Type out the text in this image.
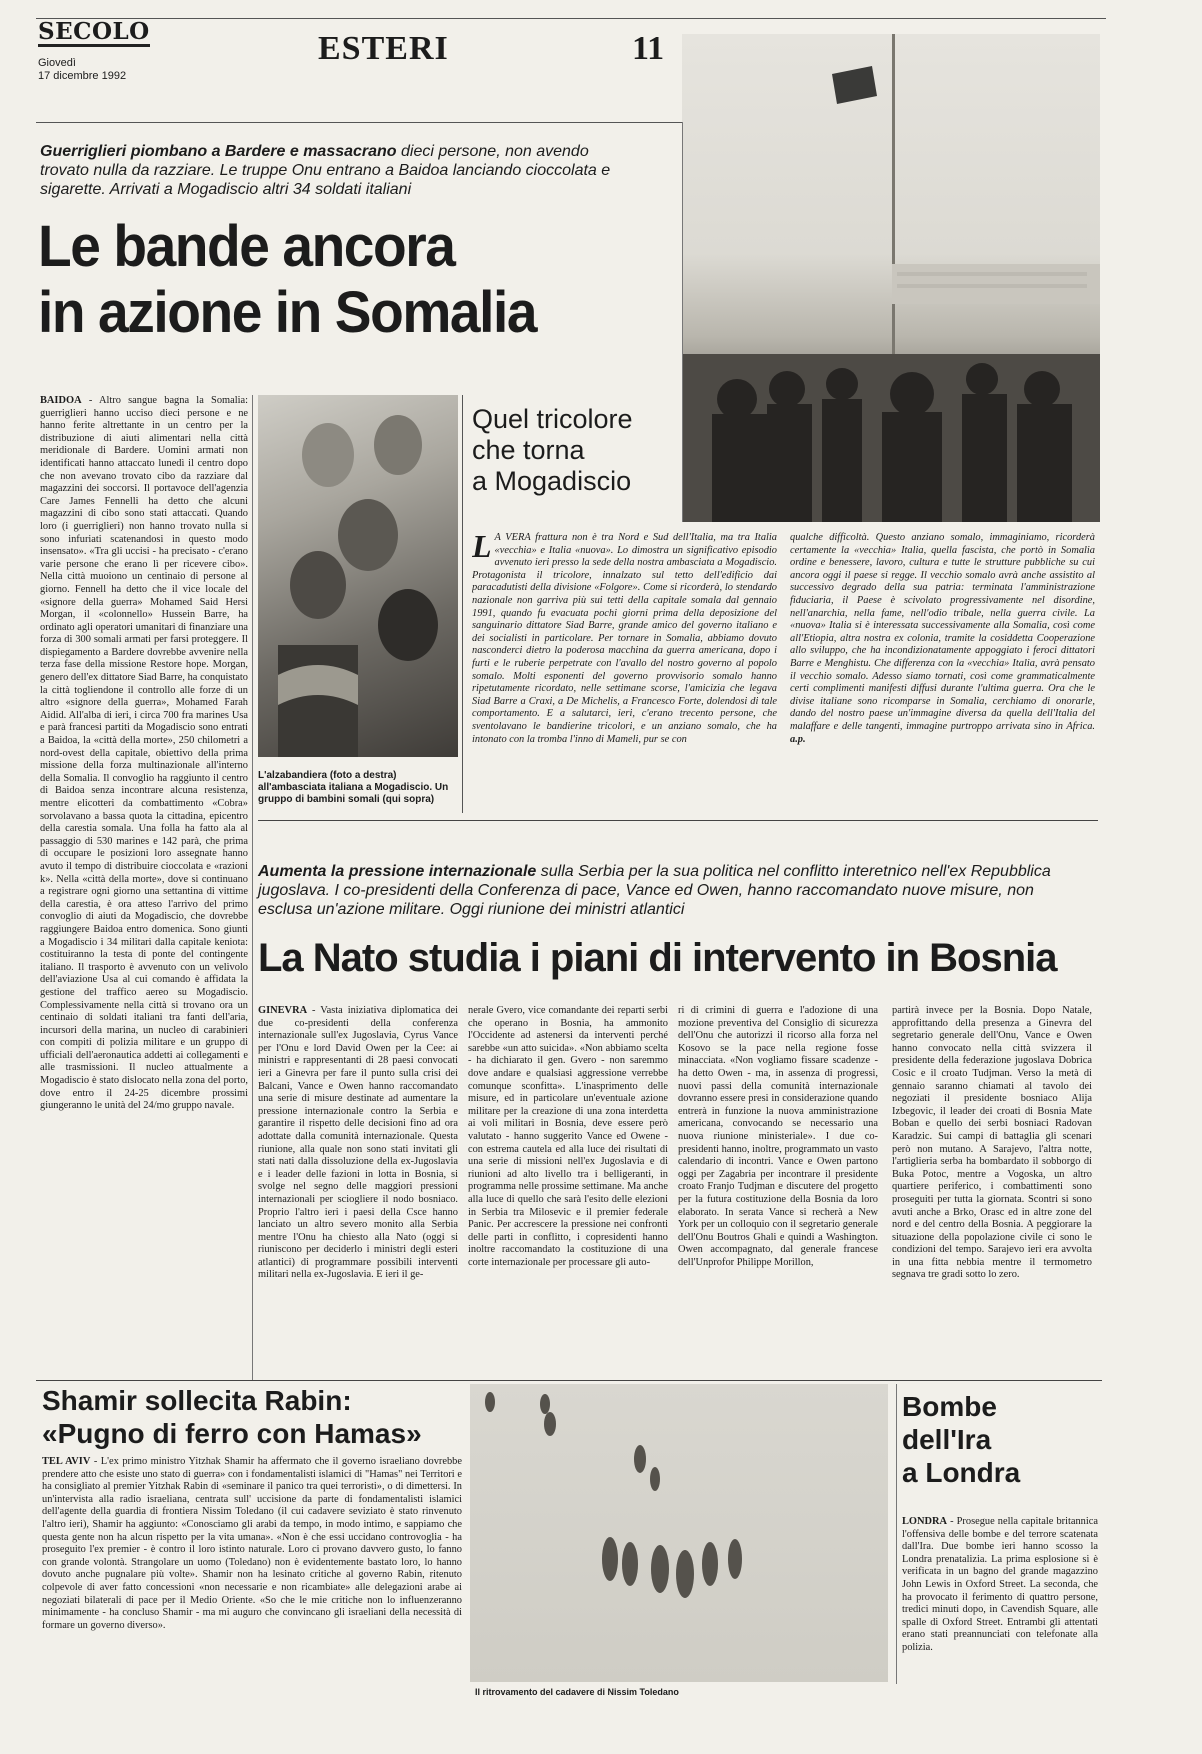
SECOLO
Giovedì
17 dicembre 1992
ESTERI	11
Guerriglieri piombano a Bardere e massacrano dieci persone, non avendo trovato nulla da razziare. Le truppe Onu entrano a Baidoa lanciando cioccolata e sigarette. Arrivati a Mogadiscio altri 34 soldati italiani
Le bande ancora
in azione in Somalia
BAIDOA - Altro sangue bagna la Somalia: guerriglieri hanno ucciso dieci persone e ne hanno ferite altrettante in un centro per la distribuzione di aiuti alimentari nella città meridionale di Bardere. Uomini armati non identificati hanno attaccato lunedì il centro dopo che non avevano trovato cibo da razziare dal magazzini dei soccorsi. Il portavoce dell'agenzia Care James Fennelli ha detto che alcuni magazzini di cibo sono stati attaccati. Quando loro (i guerriglieri) non hanno trovato nulla si sono infuriati scatenandosi in questo modo insensato». «Tra gli uccisi - ha precisato - c'erano varie persone che erano lì per ricevere cibo». Nella città muoiono un centinaio di persone al giorno. Fennell ha detto che il vice locale del «signore della guerra» Mohamed Said Hersi Morgan, il «colonnello» Hussein Barre, ha ordinato agli operatori umanitari di finanziare una forza di 300 somali armati per farsi proteggere. Il dispiegamento a Bardere dovrebbe avvenire nella terza fase della missione Restore hope. Morgan, genero dell'ex dittatore Siad Barre, ha conquistato la città togliendone il controllo alle forze di un altro «signore della guerra», Mohamed Farah Aidid. All'alba di ieri, i circa 700 fra marines Usa e parà francesi partiti da Mogadiscio sono entrati a Baidoa, la «città della morte», 250 chilometri a nord-ovest della capitale, obiettivo della prima missione della forza multinazionale all'interno della Somalia. Il convoglio ha raggiunto il centro di Baidoa senza incontrare alcuna resistenza, mentre elicotteri da combattimento «Cobra» sorvolavano a bassa quota la cittadina, epicentro della carestia somala. Una folla ha fatto ala al passaggio di 530 marines e 142 parà, che prima di occupare le posizioni loro assegnate hanno avuto il tempo di distribuire cioccolata e «razioni k». Nella «città della morte», dove si continuano a registrare ogni giorno una settantina di vittime della carestia, è ora atteso l'arrivo del primo convoglio di aiuti da Mogadiscio, che dovrebbe raggiungere Baidoa entro domenica. Sono giunti a Mogadiscio i 34 militari dalla capitale keniota: costituiranno la testa di ponte del contingente italiano. Il trasporto è avvenuto con un velivolo dell'aviazione Usa al cui comando è affidata la gestione del traffico aereo su Mogadiscio. Complessivamente nella città si trovano ora un centinaio di soldati italiani tra fanti dell'aria, incursori della marina, un nucleo di carabinieri con compiti di polizia militare e un gruppo di ufficiali dell'aeronautica addetti ai collegamenti e alle trasmissioni. Il nucleo attualmente a Mogadiscio è stato dislocato nella zona del porto, dove entro il 24-25 dicembre prossimi giungeranno le unità del 24/mo gruppo navale.
L'alzabandiera (foto a destra) all'ambasciata italiana a Mogadiscio. Un gruppo di bambini somali (qui sopra)
Quel tricolore
che torna
a Mogadiscio
L A VERA frattura non è tra Nord e Sud dell'Italia, ma tra Italia «vecchia» e Italia «nuova». Lo dimostra un significativo episodio avvenuto ieri presso la sede della nostra ambasciata a Mogadiscio. Protagonista il tricolore, innalzato sul tetto dell'edificio dai paracadutisti della divisione «Folgore». Come si ricorderà, lo stendardo nazionale non garriva più sui tetti della capitale somala dal gennaio 1991, quando fu evacuata pochi giorni prima della deposizione del sanguinario dittatore Siad Barre, grande amico del governo italiano e dei socialisti in particolare. Per tornare in Somalia, abbiamo dovuto nasconderci dietro la poderosa macchina da guerra americana, dopo i furti e le ruberie perpetrate con l'avallo del nostro governo al popolo somalo. Molti esponenti del governo provvisorio somalo hanno ripetutamente ricordato, nelle settimane scorse, l'amicizia che legava Siad Barre a Craxi, a De Michelis, a Francesco Forte, dolendosi di tale comportamento. E a salutarci, ieri, c'erano trecento persone, che sventolavano le bandierine tricolori, e un anziano somalo, che ha intonato con la tromba l'inno di Mameli, pur se con
qualche difficoltà. Questo anziano somalo, immaginiamo, ricorderà certamente la «vecchia» Italia, quella fascista, che portò in Somalia ordine e benessere, lavoro, cultura e tutte le strutture pubbliche su cui ancora oggi il paese si regge. Il vecchio somalo avrà anche assistito al successivo degrado della sua patria: terminata l'amministrazione fiduciaria, il Paese è scivolato progressivamente nel disordine, nell'anarchia, nella fame, nell'odio tribale, nella guerra civile. La «nuova» Italia si è interessata successivamente alla Somalia, così come all'Etiopia, altra nostra ex colonia, tramite la cosiddetta Cooperazione allo sviluppo, che ha incondizionatamente appoggiato i feroci dittatori Barre e Menghistu. Che differenza con la «vecchia» Italia, avrà pensato il vecchio somalo. Adesso siamo tornati, così come grammaticalmente certi complimenti manifesti diffusi durante l'ultima guerra. Ora che le divise italiane sono ricomparse in Somalia, cerchiamo di onorarle, dando del nostro paese un'immagine diversa da quella dell'Italia del malaffare e delle tangenti, immagine purtroppo arrivata sino in Africa. a.p.
Aumenta la pressione internazionale sulla Serbia per la sua politica nel conflitto interetnico nell'ex Repubblica jugoslava. I co-presidenti della Conferenza di pace, Vance ed Owen, hanno raccomandato nuove misure, non esclusa un'azione militare. Oggi riunione dei ministri atlantici
La Nato studia i piani di intervento in Bosnia
GINEVRA - Vasta iniziativa diplomatica dei due co-presidenti della conferenza internazionale sull'ex Jugoslavia, Cyrus Vance per l'Onu e lord David Owen per la Cee: ai ministri e rappresentanti di 28 paesi convocati ieri a Ginevra per fare il punto sulla crisi dei Balcani, Vance e Owen hanno raccomandato una serie di misure destinate ad aumentare la pressione internazionale contro la Serbia e garantire il rispetto delle decisioni fino ad ora adottate dalla comunità internazionale. Questa riunione, alla quale non sono stati invitati gli stati nati dalla dissoluzione della ex-Jugoslavia e i leader delle fazioni in lotta in Bosnia, si svolge nel segno delle maggiori pressioni internazionali per sciogliere il nodo bosniaco. Proprio l'altro ieri i paesi della Csce hanno lanciato un altro severo monito alla Serbia mentre l'Onu ha chiesto alla Nato (oggi si riuniscono per deciderlo i ministri degli esteri atlantici) di programmare possibili interventi militari nella ex-Jugoslavia. E ieri il ge-
nerale Gvero, vice comandante dei reparti serbi che operano in Bosnia, ha ammonito l'Occidente ad astenersi da interventi perché sarebbe «un atto suicida». «Non abbiamo scelta - ha dichiarato il gen. Gvero - non saremmo dove andare e qualsiasi aggressione verrebbe comunque sconfitta». L'inasprimento delle misure, ed in particolare un'eventuale azione militare per la creazione di una zona interdetta ai voli militari in Bosnia, deve essere però valutato - hanno suggerito Vance ed Owene - con estrema cautela ed alla luce dei risultati di una serie di missioni nell'ex Jugoslavia e di riunioni ad alto livello tra i belligeranti, in programma nelle prossime settimane. Ma anche alla luce di quello che sarà l'esito delle elezioni in Serbia tra Milosevic e il premier federale Panic. Per accrescere la pressione nei confronti delle parti in conflitto, i copresidenti hanno inoltre raccomandato la costituzione di una corte internazionale per processare gli auto-
ri di crimini di guerra e l'adozione di una mozione preventiva del Consiglio di sicurezza dell'Onu che autorizzi il ricorso alla forza nel Kosovo se la pace nella regione fosse minacciata. «Non vogliamo fissare scadenze - ha detto Owen - ma, in assenza di progressi, nuovi passi della comunità internazionale dovranno essere presi in considerazione quando entrerà in funzione la nuova amministrazione americana, convocando se necessario una nuova riunione ministeriale». I due co-presidenti hanno, inoltre, programmato un vasto calendario di incontri. Vance e Owen partono oggi per Zagabria per incontrare il presidente croato Franjo Tudjman e discutere del progetto per la futura costituzione della Bosnia da loro elaborato. In serata Vance si recherà a New York per un colloquio con il segretario generale dell'Onu Boutros Ghali e quindi a Washington. Owen accompagnato, dal generale francese dell'Unprofor Philippe Morillon,
partirà invece per la Bosnia. Dopo Natale, approfittando della presenza a Ginevra del segretario generale dell'Onu, Vance e Owen hanno convocato nella città svizzera il presidente della federazione jugoslava Dobrica Cosic e il croato Tudjman. Verso la metà di gennaio saranno chiamati al tavolo dei negoziati il presidente bosniaco Alija Izbegovic, il leader dei croati di Bosnia Mate Boban e quello dei serbi bosniaci Radovan Karadzic. Sui campi di battaglia gli scenari però non mutano. A Sarajevo, l'altra notte, l'artiglieria serba ha bombardato il sobborgo di Buka Potoc, mentre a Vogoska, un altro quartiere periferico, i combattimenti sono proseguiti per tutta la giornata. Scontri si sono avuti anche a Brko, Orasc ed in altre zone del nord e del centro della Bosnia. A peggiorare la situazione della popolazione civile ci sono le condizioni del tempo. Sarajevo ieri era avvolta in una fitta nebbia mentre il termometro segnava tre gradi sotto lo zero.
Shamir sollecita Rabin:
«Pugno di ferro con Hamas»
TEL AVIV - L'ex primo ministro Yitzhak Shamir ha affermato che il governo israeliano dovrebbe prendere atto che esiste uno stato di guerra» con i fondamentalisti islamici di "Hamas" nei Territori e ha consigliato al premier Yitzhak Rabin di «seminare il panico tra quei terroristi», o di dimettersi. In un'intervista alla radio israeliana, centrata sull' uccisione da parte di fondamentalisti islamici dell'agente della guardia di frontiera Nissim Toledano (il cui cadavere seviziato è stato rinvenuto l'altro ieri), Shamir ha aggiunto: «Conosciamo gli arabi da tempo, in modo intimo, e sappiamo che questa gente non ha alcun rispetto per la vita umana». «Non è che essi uccidano controvoglia - ha proseguito l'ex premier - è contro il loro istinto naturale. Loro ci provano davvero gusto, lo fanno con grande volontà. Strangolare un uomo (Toledano) non è evidentemente bastato loro, lo hanno dovuto anche pugnalare più volte». Shamir non ha lesinato critiche al governo Rabin, ritenuto colpevole di aver fatto concessioni «non necessarie e non ricambiate» alle delegazioni arabe ai negoziati bilaterali di pace per il Medio Oriente. «So che le mie critiche non lo influenzeranno minimamente - ha concluso Shamir - ma mi auguro che convincano gli israeliani della necessità di formare un governo diverso».
Il ritrovamento del cadavere di Nissim Toledano
Bombe
dell'Ira
a Londra
LONDRA - Prosegue nella capitale britannica l'offensiva delle bombe e del terrore scatenata dall'Ira. Due bombe ieri hanno scosso la Londra prenatalizia. La prima esplosione si è verificata in un bagno del grande magazzino John Lewis in Oxford Street. La seconda, che ha provocato il ferimento di quattro persone, tredici minuti dopo, in Cavendish Square, alle spalle di Oxford Street. Entrambi gli attentati erano stati preannunciati con telefonate alla polizia.
